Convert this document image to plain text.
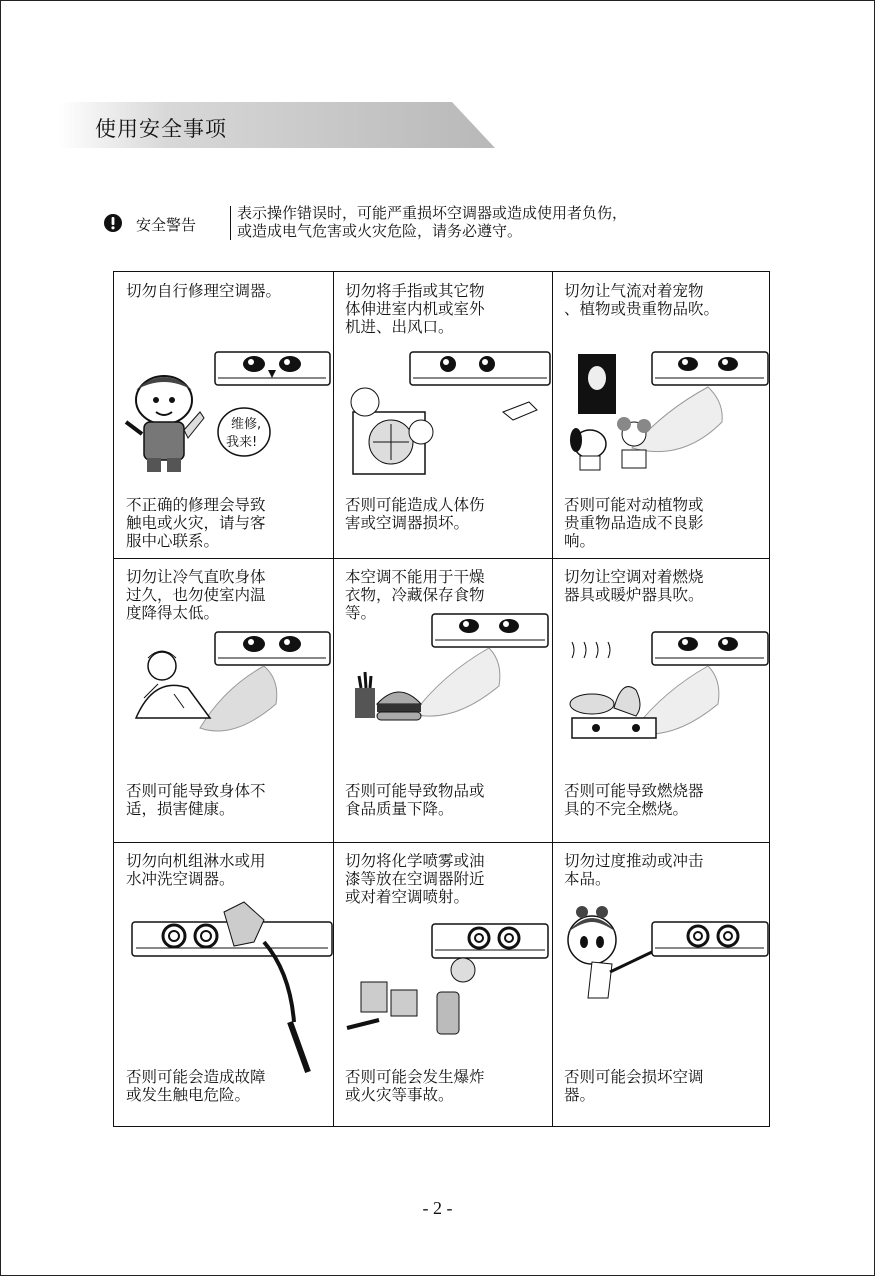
使用安全事项
安全警告
表示操作错误时，可能严重损坏空调器或造成使用者负伤，
或造成电气危害或火灾危险，请务必遵守。
维修,
我来!
切勿自行修理空调器。
不正确的修理会导致
触电或火灾，请与客
服中心联系。
切勿将手指或其它物
体伸进室内机或室外
机进、出风口。
否则可能造成人体伤
害或空调器损坏。
切勿让气流对着宠物
、植物或贵重物品吹。
否则可能对动植物或
贵重物品造成不良影
响。
切勿让冷气直吹身体
过久，也勿使室内温
度降得太低。
否则可能导致身体不
适，损害健康。
本空调不能用于干燥
衣物，冷藏保存食物
等。
否则可能导致物品或
食品质量下降。
切勿让空调对着燃烧
器具或暖炉器具吹。
否则可能导致燃烧器
具的不完全燃烧。
切勿向机组淋水或用
水冲洗空调器。
否则可能会造成故障
或发生触电危险。
切勿将化学喷雾或油
漆等放在空调器附近
或对着空调喷射。
否则可能会发生爆炸
或火灾等事故。
切勿过度推动或冲击
本品。
否则可能会损坏空调
器。
- 2 -
